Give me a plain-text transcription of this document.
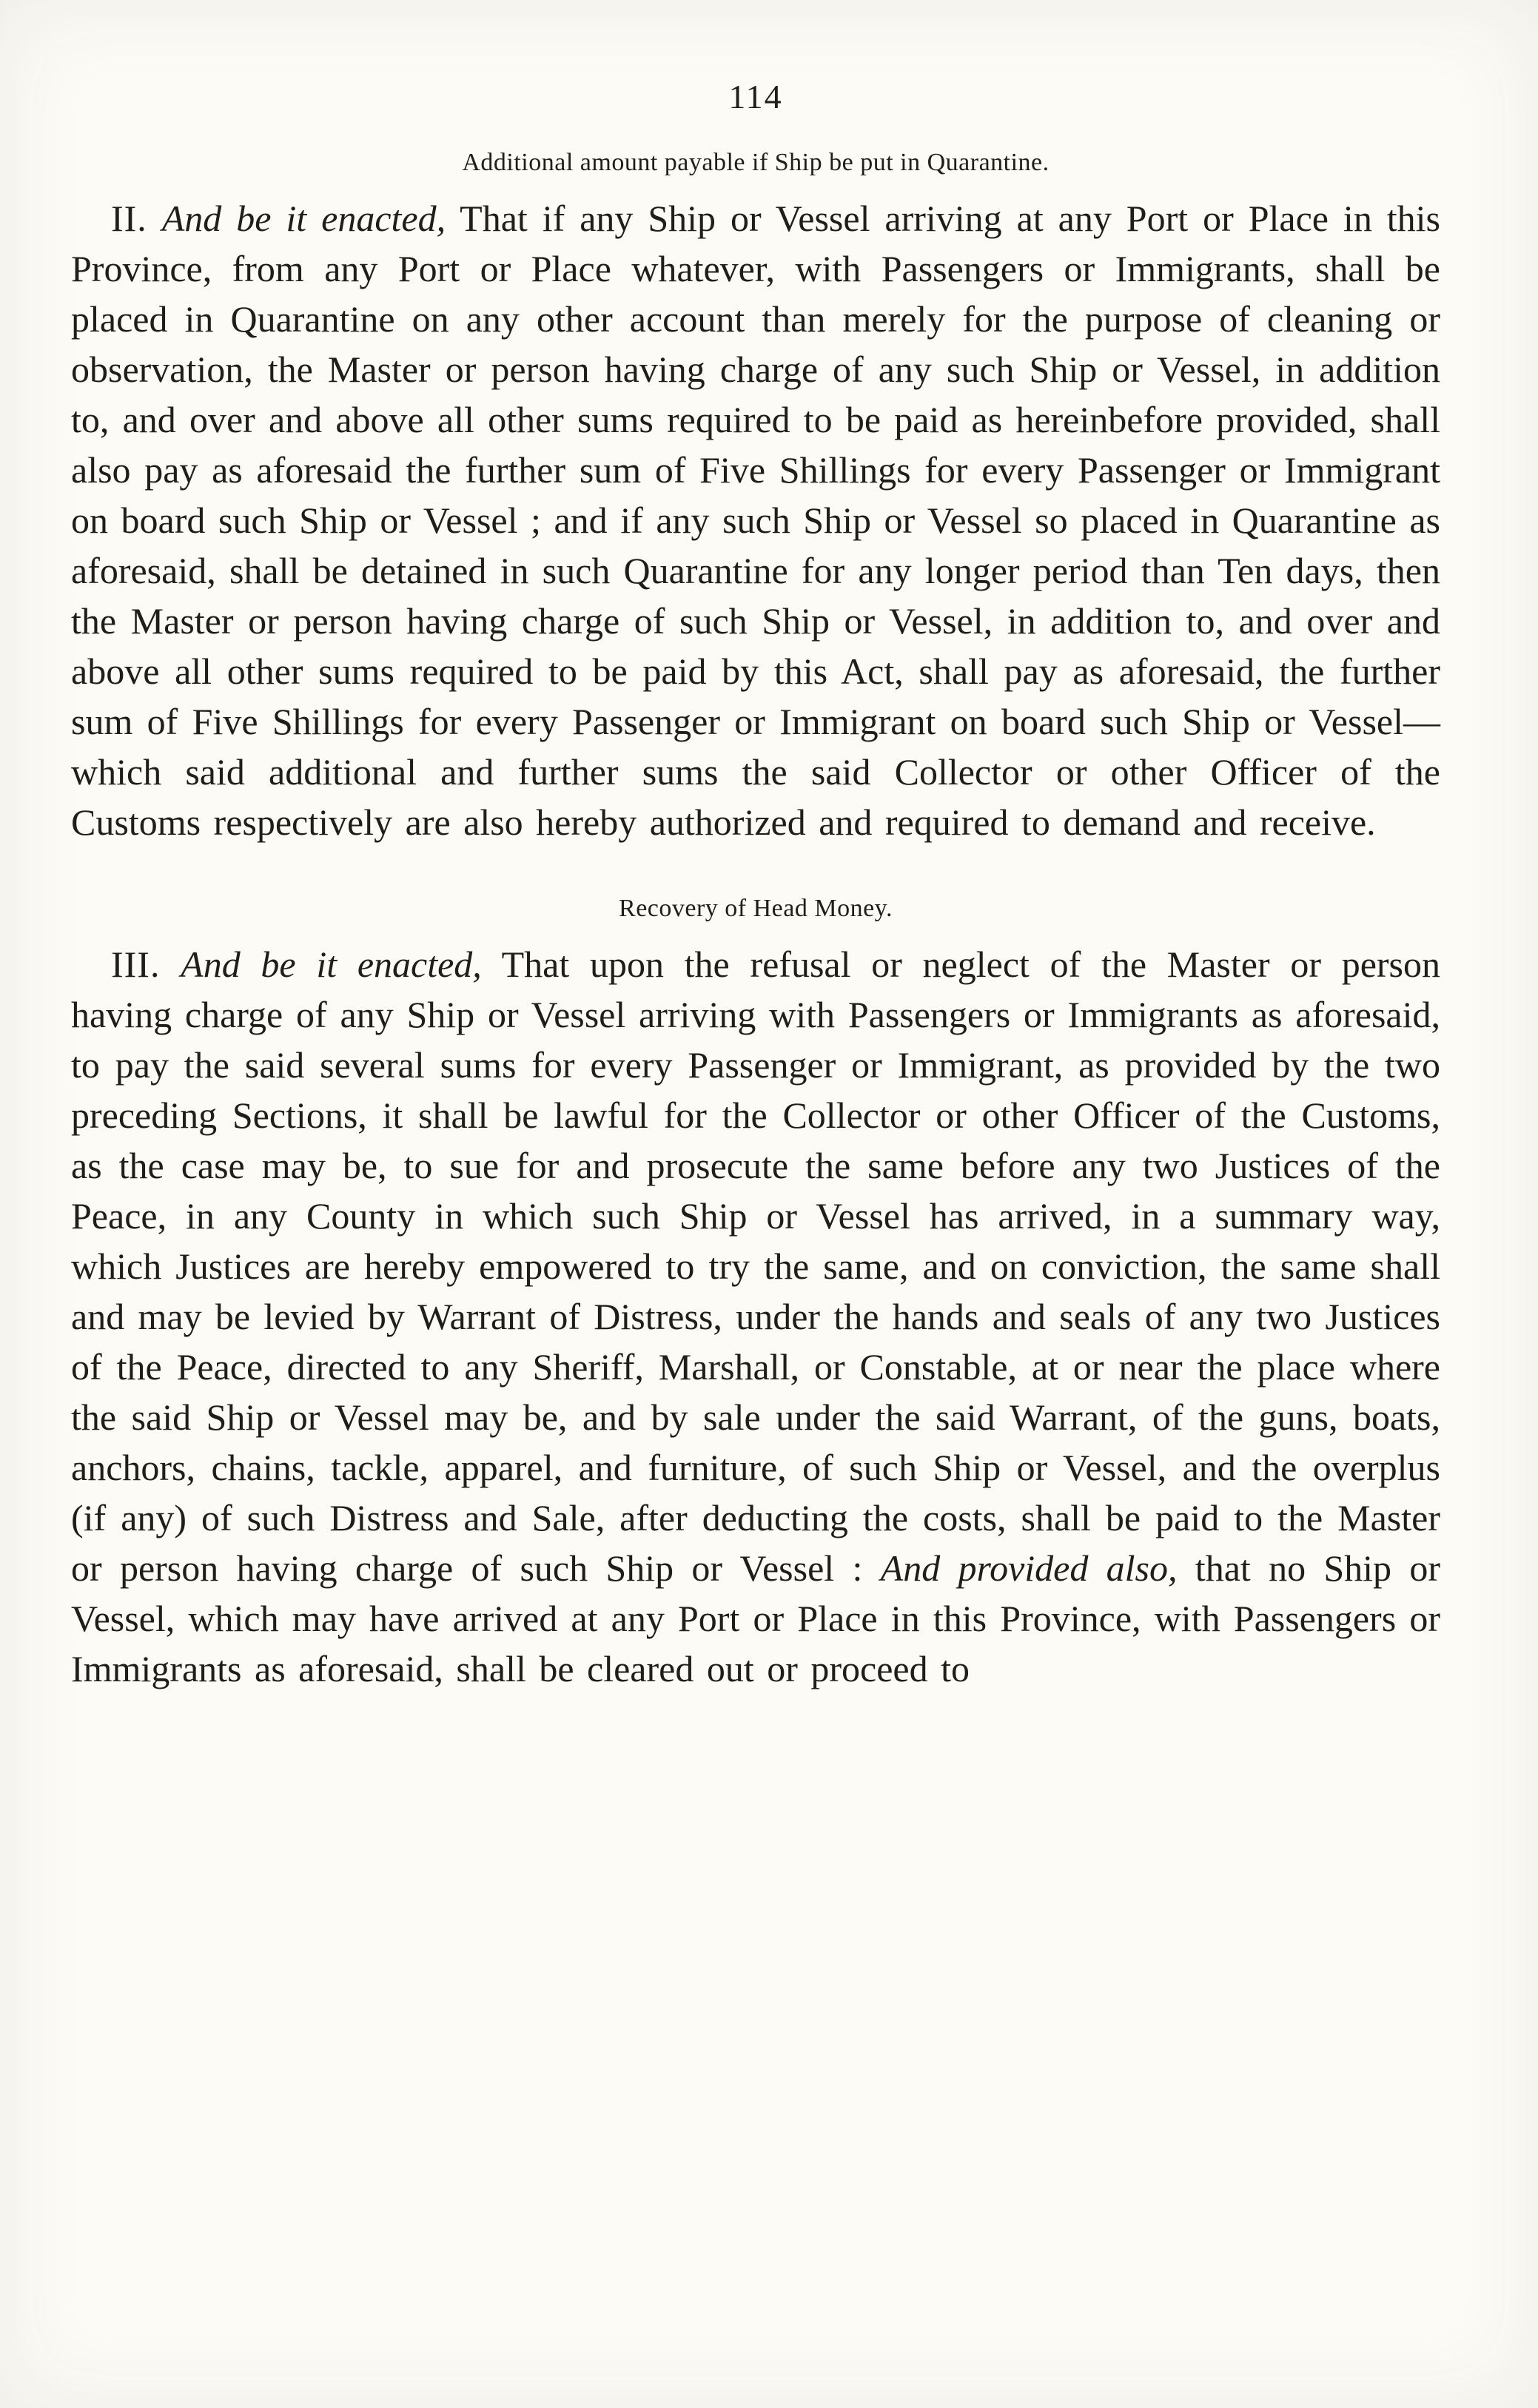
114
Additional amount payable if Ship be put in Quarantine.

II. And be it enacted, That if any Ship or Vessel arriving at any Port or Place in this Province, from any Port or Place whatever, with Passengers or Immigrants, shall be placed in Quarantine on any other account than merely for the purpose of cleaning or observation, the Master or person having charge of any such Ship or Vessel, in addition to, and over and above all other sums required to be paid as hereinbefore provided, shall also pay as aforesaid the further sum of Five Shillings for every Passenger or Immigrant on board such Ship or Vessel ; and if any such Ship or Vessel so placed in Quarantine as aforesaid, shall be detained in such Quarantine for any longer period than Ten days, then the Master or person having charge of such Ship or Vessel, in addition to, and over and above all other sums required to be paid by this Act, shall pay as aforesaid, the further sum of Five Shillings for every Passenger or Immigrant on board such Ship or Vessel—which said additional and further sums the said Collector or other Officer of the Customs respectively are also hereby authorized and required to demand and receive.

Recovery of Head Money.

III. And be it enacted, That upon the refusal or neglect of the Master or person having charge of any Ship or Vessel arriving with Passengers or Immigrants as aforesaid, to pay the said several sums for every Passenger or Immigrant, as provided by the two preceding Sections, it shall be lawful for the Collector or other Officer of the Customs, as the case may be, to sue for and prosecute the same before any two Justices of the Peace, in any County in which such Ship or Vessel has arrived, in a summary way, which Justices are hereby empowered to try the same, and on conviction, the same shall and may be levied by Warrant of Distress, under the hands and seals of any two Justices of the Peace, directed to any Sheriff, Marshall, or Constable, at or near the place where the said Ship or Vessel may be, and by sale under the said Warrant, of the guns, boats, anchors, chains, tackle, apparel, and furniture, of such Ship or Vessel, and the overplus (if any) of such Distress and Sale, after deducting the costs, shall be paid to the Master or person having charge of such Ship or Vessel : And provided also, that no Ship or Vessel, which may have arrived at any Port or Place in this Province, with Passengers or Immigrants as aforesaid, shall be cleared out or proceed to
